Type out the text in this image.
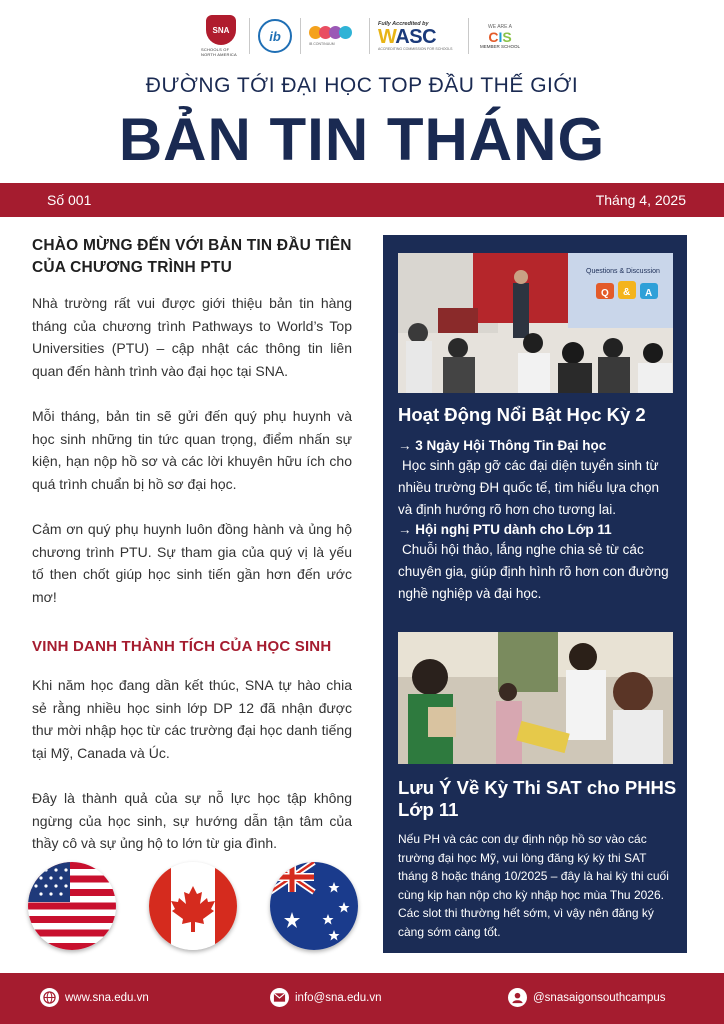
SNA
SCHOOLS OF NORTH AMERICA
ib
IB CONTINUUM
Fully Accredited by
WASC
ACCREDITING COMMISSION FOR SCHOOLS
WE ARE A
CIS
MEMBER SCHOOL
ĐƯỜNG TỚI ĐẠI HỌC TOP ĐẦU THẾ GIỚI
BẢN TIN THÁNG
Số 001	Tháng 4, 2025
CHÀO MỪNG ĐẾN VỚI BẢN TIN ĐẦU TIÊN CỦA CHƯƠNG TRÌNH PTU
Nhà trường rất vui được giới thiệu bản tin hàng tháng của chương trình Pathways to World’s Top Universities (PTU) – cập nhật các thông tin liên quan đến hành trình vào đại học tại SNA.
Mỗi tháng, bản tin sẽ gửi đến quý phụ huynh và học sinh những tin tức quan trọng, điểm nhấn sự kiện, hạn nộp hồ sơ và các lời khuyên hữu ích cho quá trình chuẩn bị hồ sơ đại học.
Cảm ơn quý phụ huynh luôn đồng hành và ủng hộ chương trình PTU. Sự tham gia của quý vị là yếu tố then chốt giúp học sinh tiến gần hơn đến ước mơ!
VINH DANH THÀNH TÍCH CỦA HỌC SINH
Khi năm học đang dần kết thúc, SNA tự hào chia sẻ rằng nhiều học sinh lớp DP 12 đã nhận được thư mời nhập học từ các trường đại học danh tiếng tại Mỹ, Canada và Úc.
Đây là thành quả của sự nỗ lực học tập không ngừng của học sinh, sự hướng dẫn tận tâm của thầy cô và sự ủng hộ to lớn từ gia đình.
Questions & Discussion
Q & A
Hoạt Động Nổi Bật Học Kỳ 2
→ 3 Ngày Hội Thông Tin Đại học
Học sinh gặp gỡ các đại diện tuyển sinh từ nhiều trường ĐH quốc tế, tìm hiểu lựa chọn và định hướng rõ hơn cho tương lai.
→ Hội nghị PTU dành cho Lớp 11
Chuỗi hội thảo, lắng nghe chia sẻ từ các chuyên gia, giúp định hình rõ hơn con đường nghề nghiệp và đại học.
Lưu Ý Về Kỳ Thi SAT cho PHHS Lớp 11
Nếu PH và các con dự định nộp hồ sơ vào các trường đại học Mỹ, vui lòng đăng ký kỳ thi SAT tháng 8 hoặc tháng 10/2025 – đây là hai kỳ thi cuối cùng kịp hạn nộp cho kỳ nhập học mùa Thu 2026. Các slot thi thường hết sớm, vì vậy nên đăng ký càng sớm càng tốt.
www.sna.edu.vn	info@sna.edu.vn	@snasaigonsouthcampus
